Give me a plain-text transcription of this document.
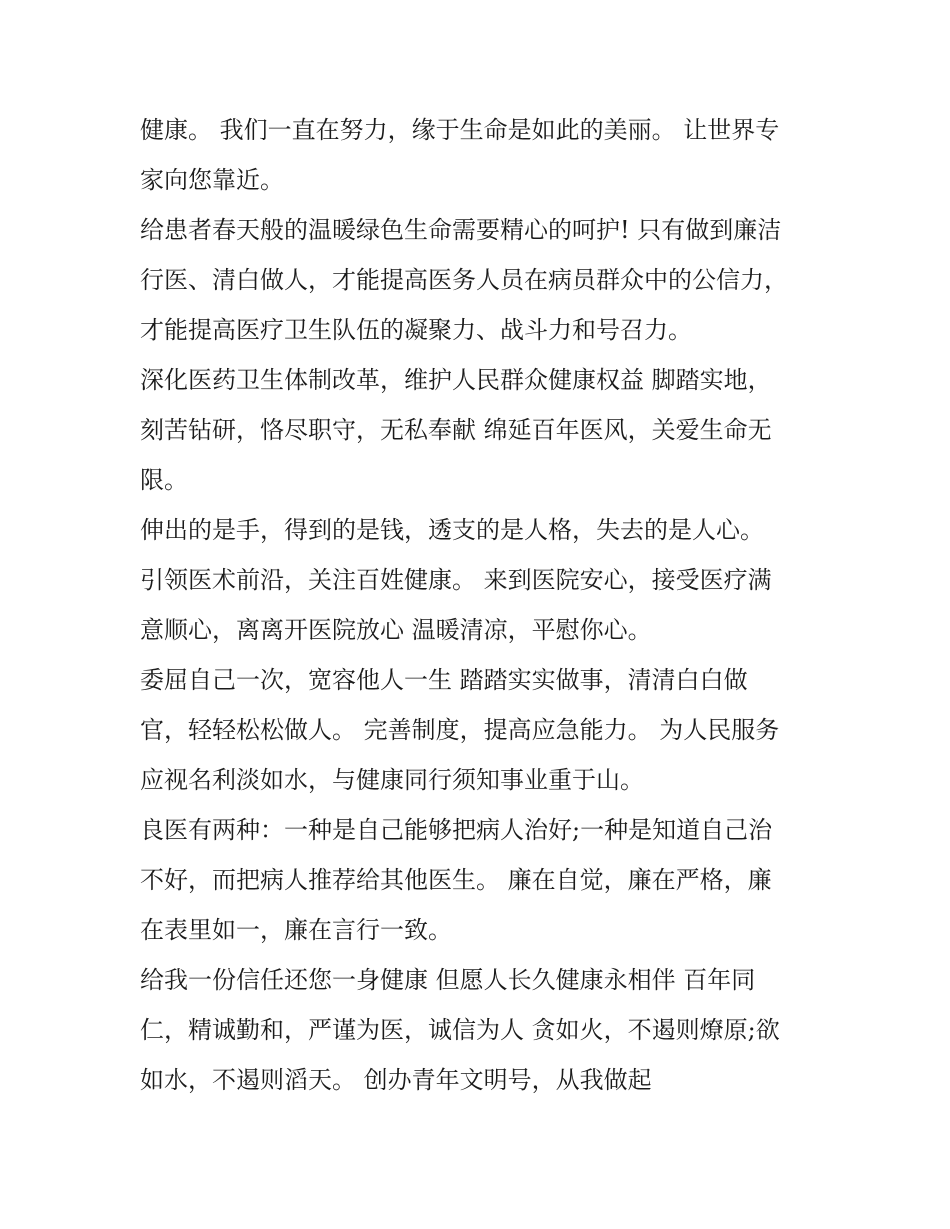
健康。 我们一直在努力，缘于生命是如此的美丽。 让世界专
家向您靠近。
给患者春天般的温暖绿色生命需要精心的呵护! 只有做到廉洁
行医、清白做人，才能提高医务人员在病员群众中的公信力，
才能提高医疗卫生队伍的凝聚力、战斗力和号召力。
深化医药卫生体制改革，维护人民群众健康权益 脚踏实地，
刻苦钻研，恪尽职守，无私奉献 绵延百年医风，关爱生命无
限。
伸出的是手，得到的是钱，透支的是人格，失去的是人心。
引领医术前沿，关注百姓健康。 来到医院安心，接受医疗满
意顺心，离离开医院放心 温暖清凉，平慰你心。
委屈自己一次，宽容他人一生 踏踏实实做事，清清白白做
官，轻轻松松做人。 完善制度，提高应急能力。 为人民服务
应视名利淡如水，与健康同行须知事业重于山。
良医有两种：一种是自己能够把病人治好;一种是知道自己治
不好，而把病人推荐给其他医生。 廉在自觉，廉在严格，廉
在表里如一，廉在言行一致。
给我一份信任还您一身健康 但愿人长久健康永相伴 百年同
仁，精诚勤和，严谨为医，诚信为人 贪如火，不遏则燎原;欲
如水，不遏则滔天。 创办青年文明号，从我做起
